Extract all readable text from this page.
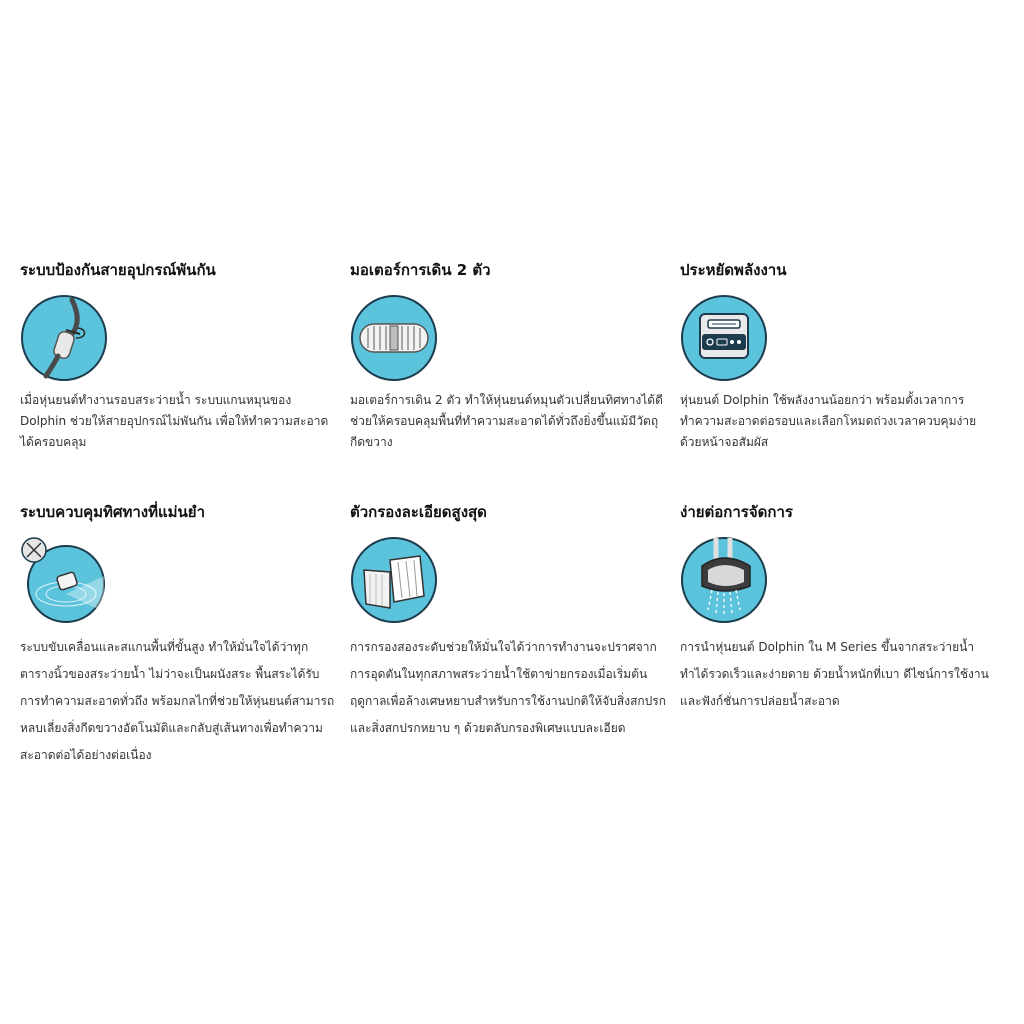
ระบบป้องกันสายอุปกรณ์พันกัน
เมื่อหุ่นยนต์ทำงานรอบสระว่ายน้ำ ระบบแกนหมุนของ Dolphin ช่วยให้สายอุปกรณ์ไม่พันกัน เพื่อให้ทำความสะอาดได้ครอบคลุม
มอเตอร์การเดิน 2 ตัว
มอเตอร์การเดิน 2 ตัว ทำให้หุ่นยนต์หมุนตัวเปลี่ยนทิศทางได้ดี ช่วยให้ครอบคลุมพื้นที่ทำความสะอาดได้ทั่วถึงยิ่งขึ้นแม้มีวัตถุกีดขวาง
ประหยัดพลังงาน
หุ่นยนต์ Dolphin ใช้พลังงานน้อยกว่า พร้อมตั้งเวลาการทำความสะอาดต่อรอบและเลือกโหมดถ่วงเวลาควบคุมง่ายด้วยหน้าจอสัมผัส
ระบบควบคุมทิศทางที่แม่นยำ
ระบบขับเคลื่อนและสแกนพื้นที่ขั้นสูง ทำให้มั่นใจได้ว่าทุกตารางนิ้วของสระว่ายน้ำ ไม่ว่าจะเป็นผนังสระ พื้นสระได้รับการทำความสะอาดทั่วถึง พร้อมกลไกที่ช่วยให้หุ่นยนต์สามารถหลบเลี่ยงสิ่งกีดขวางอัตโนมัติและกลับสู่เส้นทางเพื่อทำความสะอาดต่อได้อย่างต่อเนื่อง
ตัวกรองละเอียดสูงสุด
การกรองสองระดับช่วยให้มั่นใจได้ว่าการทำงานจะปราศจากการอุดตันในทุกสภาพสระว่ายน้ำใช้ตาข่ายกรองเมื่อเริ่มต้นฤดูกาลเพื่อล้างเศษหยาบสำหรับการใช้งานปกติให้จับสิ่งสกปรกและสิ่งสกปรกหยาบ ๆ ด้วยตลับกรองพิเศษแบบละเอียด
ง่ายต่อการจัดการ
การนำหุ่นยนต์ Dolphin ใน M Series ขึ้นจากสระว่ายน้ำทำได้รวดเร็วและง่ายดาย ด้วยน้ำหนักที่เบา ดีไซน์การใช้งาน และฟังก์ชั่นการปล่อยน้ำสะอาด
